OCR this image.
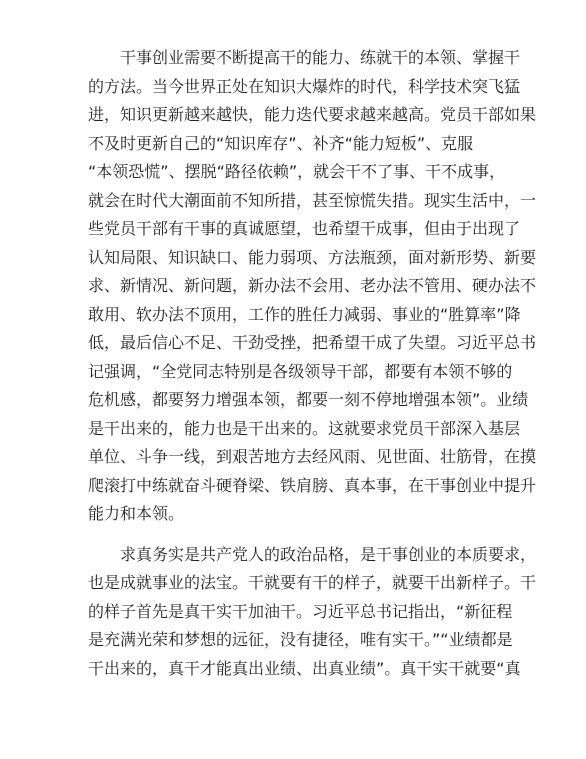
　　干事创业需要不断提高干的能力、练就干的本领、掌握干
的方法。当今世界正处在知识大爆炸的时代，科学技术突飞猛
进，知识更新越来越快，能力迭代要求越来越高。党员干部如果
不及时更新自己的“知识库存”、补齐“能力短板”、克服
“本领恐慌”、摆脱“路径依赖”，就会干不了事、干不成事，
就会在时代大潮面前不知所措，甚至惊慌失措。现实生活中，一
些党员干部有干事的真诚愿望，也希望干成事，但由于出现了
认知局限、知识缺口、能力弱项、方法瓶颈，面对新形势、新要
求、新情况、新问题，新办法不会用、老办法不管用、硬办法不
敢用、软办法不顶用，工作的胜任力减弱、事业的“胜算率”降
低，最后信心不足、干劲受挫，把希望干成了失望。习近平总书
记强调，“全党同志特别是各级领导干部，都要有本领不够的
危机感，都要努力增强本领，都要一刻不停地增强本领”。业绩
是干出来的，能力也是干出来的。这就要求党员干部深入基层
单位、斗争一线，到艰苦地方去经风雨、见世面、壮筋骨，在摸
爬滚打中练就奋斗硬脊梁、铁肩膀、真本事，在干事创业中提升
能力和本领。
　　求真务实是共产党人的政治品格，是干事创业的本质要求，
也是成就事业的法宝。干就要有干的样子，就要干出新样子。干
的样子首先是真干实干加油干。习近平总书记指出，“新征程
是充满光荣和梦想的远征，没有捷径，唯有实干。”“业绩都是
干出来的，真干才能真出业绩、出真业绩”。真干实干就要“真
